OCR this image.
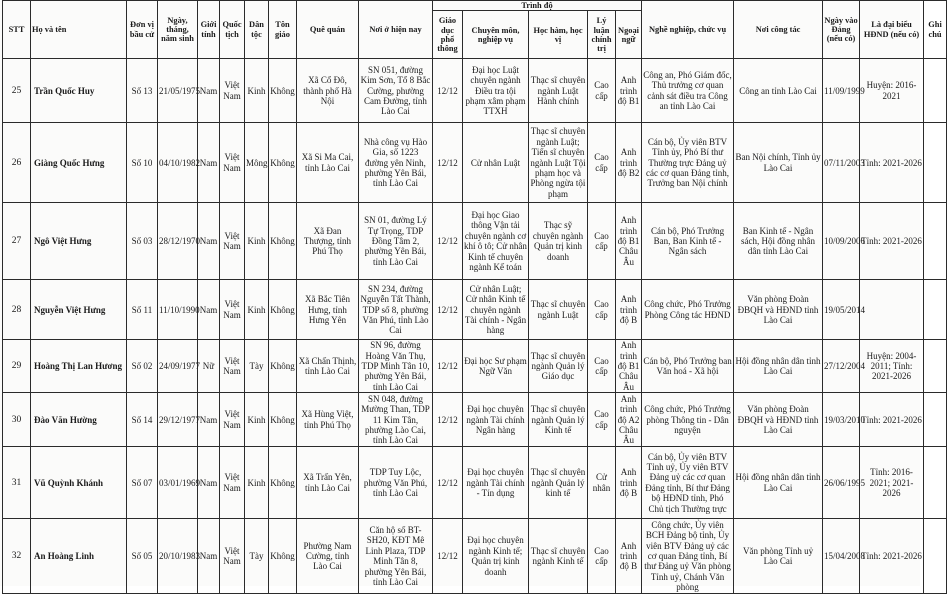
STT	Họ và tên	Đơn vị bầu cử	Ngày, tháng, năm sinh	Giới tính	Quốc tịch	Dân tộc	Tôn giáo	Quê quán	Nơi ở hiện nay	Trình độ					Nghề nghiệp, chức vụ	Nơi công tác	Ngày vào Đảng (nếu có)	Là đại biểu HĐND (nếu có)	Ghi chú
										Giáo dục phổ thông	Chuyên môn, nghiệp vụ	Học hàm, học vị	Lý luận chính trị	Ngoại ngữ					
25	Trần Quốc Huy	Số 13	21/05/1975	Nam	Việt Nam	Kinh	Không	Xã Cổ Đô, thành phố Hà Nội	SN 051, đường Kim Sơn, Tổ 8 Bắc Cường, phường Cam Đường, tỉnh Lào Cai	12/12	Đại học Luật chuyên ngành Điều tra tội phạm xâm phạm TTXH	Thạc sĩ chuyên ngành Luật Hành chính	Cao cấp	Anh trình độ B1	Công an, Phó Giám đốc, Thủ trưởng cơ quan cảnh sát điều tra Công an tỉnh Lào Cai	Công an tỉnh Lào Cai	11/09/1999	Huyện: 2016-2021	
26	Giàng Quốc Hưng	Số 10	04/10/1982	Nam	Việt Nam	Mông	Không	Xã Si Ma Cai, tỉnh Lào Cai	Nhà công vụ Hào Gia, số 1223 đường yên Ninh, phường Yên Bái, tỉnh Lào Cai	12/12	Cử nhân Luật	Thạc sĩ chuyên ngành Luật; Tiến sĩ chuyên ngành Luật Tội phạm học và Phòng ngừa tội phạm	Cao cấp	Anh trình độ B2	Cán bộ, Ủy viên BTV Tỉnh ủy, Phó Bí thư Thường trực Đảng uỷ các cơ quan Đảng tỉnh, Trưởng ban Nội chính	Ban Nội chính, Tỉnh ủy Lào Cai	07/11/2003	Tỉnh: 2021-2026	
27	Ngô Việt Hưng	Số 03	28/12/1970	Nam	Việt Nam	Kinh	Không	Xã Đan Thượng, tỉnh Phú Thọ	SN 01, đường Lý Tự Trọng, TDP Đồng Tâm 2, phường Yên Bái, tỉnh Lào Cai	12/12	Đại học Giao thông Vận tải chuyên ngành cơ khí ô tô; Cử nhân Kinh tế chuyên ngành Kế toán	Thạc sỹ chuyên ngành Quản trị kinh doanh	Cao cấp	Anh trình độ B1 Châu Âu	Cán bộ, Phó Trưởng Ban, Ban Kinh tế - Ngân sách	Ban Kinh tế - Ngân sách, Hội đồng nhân dân tỉnh Lào Cai	10/09/2006	Tỉnh: 2021-2026	
28	Nguyễn Việt Hưng	Số 11	11/10/1990	Nam	Việt Nam	Kinh	Không	Xã Bắc Tiên Hưng, tỉnh Hưng Yên	SN 234, đường Nguyễn Tất Thành, TDP số 8, phường Văn Phú, tỉnh Lào Cai	12/12	Cử nhân Luật; Cử nhân Kinh tế chuyên ngành Tài chính - Ngân hàng	Thạc sĩ chuyên ngành Luật	Cao cấp	Anh trình độ B	Công chức, Phó Trưởng Phòng Công tác HĐND	Văn phòng Đoàn ĐBQH và HĐND tỉnh Lào Cai	19/05/2014		
29	Hoàng Thị Lan Hương	Số 02	24/09/1977	Nữ	Việt Nam	Tày	Không	Xã Chấn Thịnh, tỉnh Lào Cai	SN 96, đường Hoàng Văn Thụ, TDP Minh Tân 10, phường Yên Bái, tỉnh Lào Cai	12/12	Đại học Sư phạm Ngữ Văn	Thạc sĩ chuyên ngành Quản lý Giáo dục	Cao cấp	Anh trình độ B1 Châu Âu	Cán bộ, Phó Trưởng ban Văn hoá - Xã hội	Hội đồng nhân dân tỉnh Lào Cai	27/12/2004	Huyện: 2004-2011; Tỉnh: 2021-2026	
30	Đào Văn Hường	Số 14	29/12/1977	Nam	Việt Nam	Kinh	Không	Xã Hùng Việt, tỉnh Phú Thọ	SN 048, đường Mường Than, TDP 11 Kim Tân, phường Lào Cai, tỉnh Lào Cai	12/12	Đại học chuyên ngành Tài chính Ngân hàng	Thạc sĩ chuyên ngành Quản lý Kinh tế	Cao cấp	Anh trình độ A2 Châu Âu	Công chức, Phó Trưởng phòng Thông tin - Dân nguyện	Văn phòng Đoàn ĐBQH và HĐND tỉnh Lào Cai	19/03/2010	Tỉnh: 2021-2026	
31	Vũ Quỳnh Khánh	Số 07	03/01/1969	Nam	Việt Nam	Kinh	Không	Xã Trấn Yên, tỉnh Lào Cai	TDP Tuy Lộc, phường Văn Phú, tỉnh Lào Cai	12/12	Đại học chuyên ngành Tài chính - Tín dụng	Thạc sĩ chuyên ngành Quản lý kinh tế	Cử nhân	Anh trình độ B	Cán bộ, Ủy viên BTV Tỉnh uỷ, Ủy viên BTV Đảng uỷ các cơ quan Đảng tỉnh, Bí thư Đảng bộ HĐND tỉnh, Phó Chủ tịch Thường trực	Hội đồng nhân dân tỉnh Lào Cai	26/06/1995	Tỉnh: 2016-2021; 2021-2026	
32	An Hoàng Linh	Số 05	20/10/1983	Nam	Việt Nam	Tày	Không	Phường Nam Cường, tỉnh Lào Cai	Căn hộ số BT-SH20, KĐT Mê Linh Plaza, TDP Minh Tân 8, phường Yên Bái, tỉnh Lào Cai	12/12	Đại học chuyên ngành Kinh tế; Quản trị kinh doanh	Thạc sĩ chuyên ngành Kinh tế	Cao cấp	Anh trình độ B	Công chức, Ủy viên BCH Đảng bộ tỉnh, Ủy viên BTV Đảng uỷ các cơ quan Đảng tỉnh, Bí thư Đảng uỷ Văn phòng Tỉnh uỷ, Chánh Văn phòng	Văn phòng Tỉnh uỷ Lào Cai	15/04/2008	Tỉnh: 2021-2026	
